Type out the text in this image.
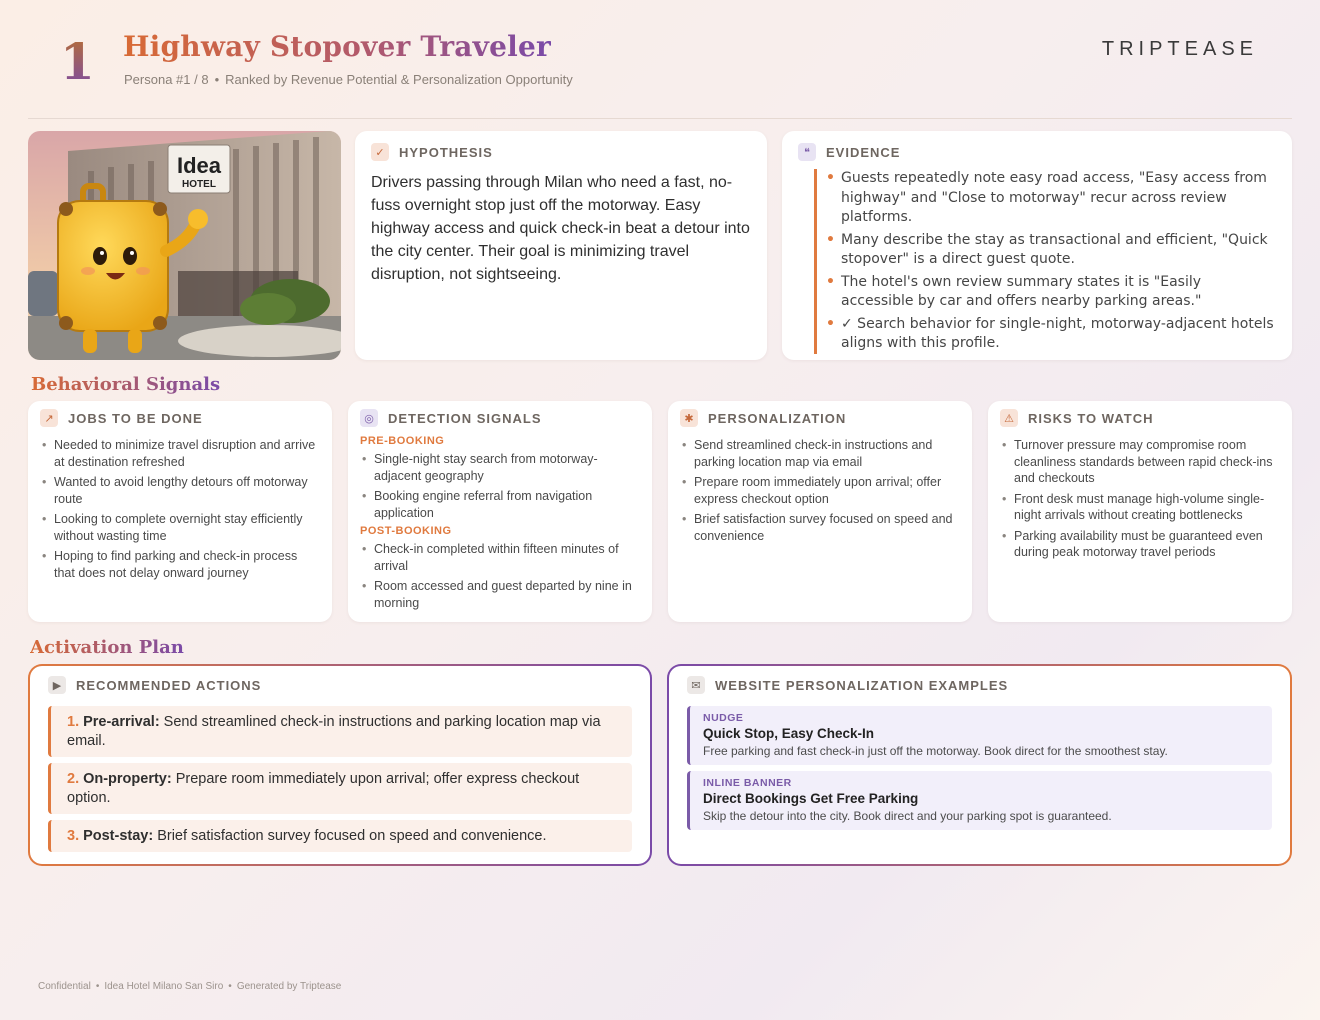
1 Highway Stopover Traveler
Persona #1 / 8 • Ranked by Revenue Potential & Personalization Opportunity
TRIPTEASE
Idea
HOTEL
✓	HYPOTHESIS

Drivers passing through Milan who need a fast, no-fuss overnight stop just off the motorway. Easy highway access and quick check-in beat a detour into the city center. Their goal is minimizing travel disruption, not sightseeing.

❝	EVIDENCE
• Guests repeatedly note easy road access, "Easy access from highway" and "Close to motorway" recur across review platforms.
• Many describe the stay as transactional and efficient, "Quick stopover" is a direct guest quote.
• The hotel's own review summary states it is "Easily accessible by car and offers nearby parking areas."
• ✓ Search behavior for single-night, motorway-adjacent hotels aligns with this profile.
Behavioral Signals
↗	JOBS TO BE DONE
• Needed to minimize travel disruption and arrive at destination refreshed
• Wanted to avoid lengthy detours off motorway route
• Looking to complete overnight stay efficiently without wasting time
• Hoping to find parking and check-in process that does not delay onward journey
◎	DETECTION SIGNALS
PRE-BOOKING
• Single-night stay search from motorway-adjacent geography
• Booking engine referral from navigation application
POST-BOOKING
• Check-in completed within fifteen minutes of arrival
• Room accessed and guest departed by nine in morning
✱	PERSONALIZATION
• Send streamlined check-in instructions and parking location map via email
• Prepare room immediately upon arrival; offer express checkout option
• Brief satisfaction survey focused on speed and convenience
⚠	RISKS TO WATCH
• Turnover pressure may compromise room cleanliness standards between rapid check-ins and checkouts
• Front desk must manage high-volume single-night arrivals without creating bottlenecks
• Parking availability must be guaranteed even during peak motorway travel periods
Activation Plan
▶	RECOMMENDED ACTIONS
1. Pre-arrival: Send streamlined check-in instructions and parking location map via email.
2. On-property: Prepare room immediately upon arrival; offer express checkout option.
3. Post-stay: Brief satisfaction survey focused on speed and convenience.
✉	WEBSITE PERSONALIZATION EXAMPLES
NUDGE
Quick Stop, Easy Check-In
Free parking and fast check-in just off the motorway. Book direct for the smoothest stay.
INLINE BANNER
Direct Bookings Get Free Parking
Skip the detour into the city. Book direct and your parking spot is guaranteed.
Confidential • Idea Hotel Milano San Siro • Generated by Triptease
